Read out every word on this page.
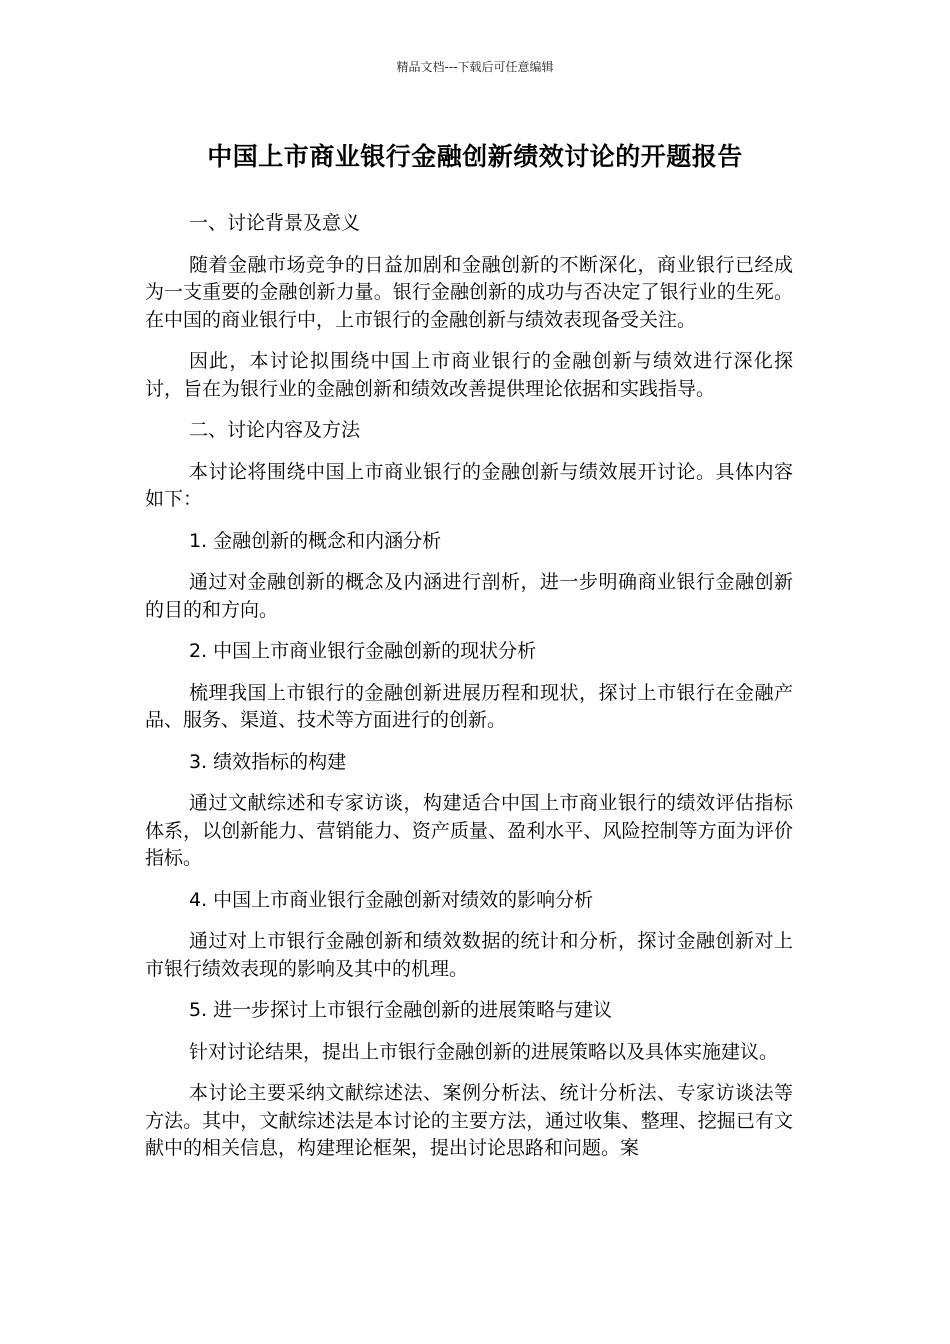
精品文档---下载后可任意编辑
中国上市商业银行金融创新绩效讨论的开题报告

一、讨论背景及意义

随着金融市场竞争的日益加剧和金融创新的不断深化，商业银行已经成为一支重要的金融创新力量。银行金融创新的成功与否决定了银行业的生死。在中国的商业银行中，上市银行的金融创新与绩效表现备受关注。

因此，本讨论拟围绕中国上市商业银行的金融创新与绩效进行深化探讨，旨在为银行业的金融创新和绩效改善提供理论依据和实践指导。

二、讨论内容及方法

本讨论将围绕中国上市商业银行的金融创新与绩效展开讨论。具体内容如下：

1. 金融创新的概念和内涵分析

通过对金融创新的概念及内涵进行剖析，进一步明确商业银行金融创新的目的和方向。

2. 中国上市商业银行金融创新的现状分析

梳理我国上市银行的金融创新进展历程和现状，探讨上市银行在金融产品、服务、渠道、技术等方面进行的创新。

3. 绩效指标的构建

通过文献综述和专家访谈，构建适合中国上市商业银行的绩效评估指标体系，以创新能力、营销能力、资产质量、盈利水平、风险控制等方面为评价指标。

4. 中国上市商业银行金融创新对绩效的影响分析

通过对上市银行金融创新和绩效数据的统计和分析，探讨金融创新对上市银行绩效表现的影响及其中的机理。

5. 进一步探讨上市银行金融创新的进展策略与建议

针对讨论结果，提出上市银行金融创新的进展策略以及具体实施建议。

本讨论主要采纳文献综述法、案例分析法、统计分析法、专家访谈法等方法。其中，文献综述法是本讨论的主要方法，通过收集、整理、挖掘已有文献中的相关信息，构建理论框架，提出讨论思路和问题。案
